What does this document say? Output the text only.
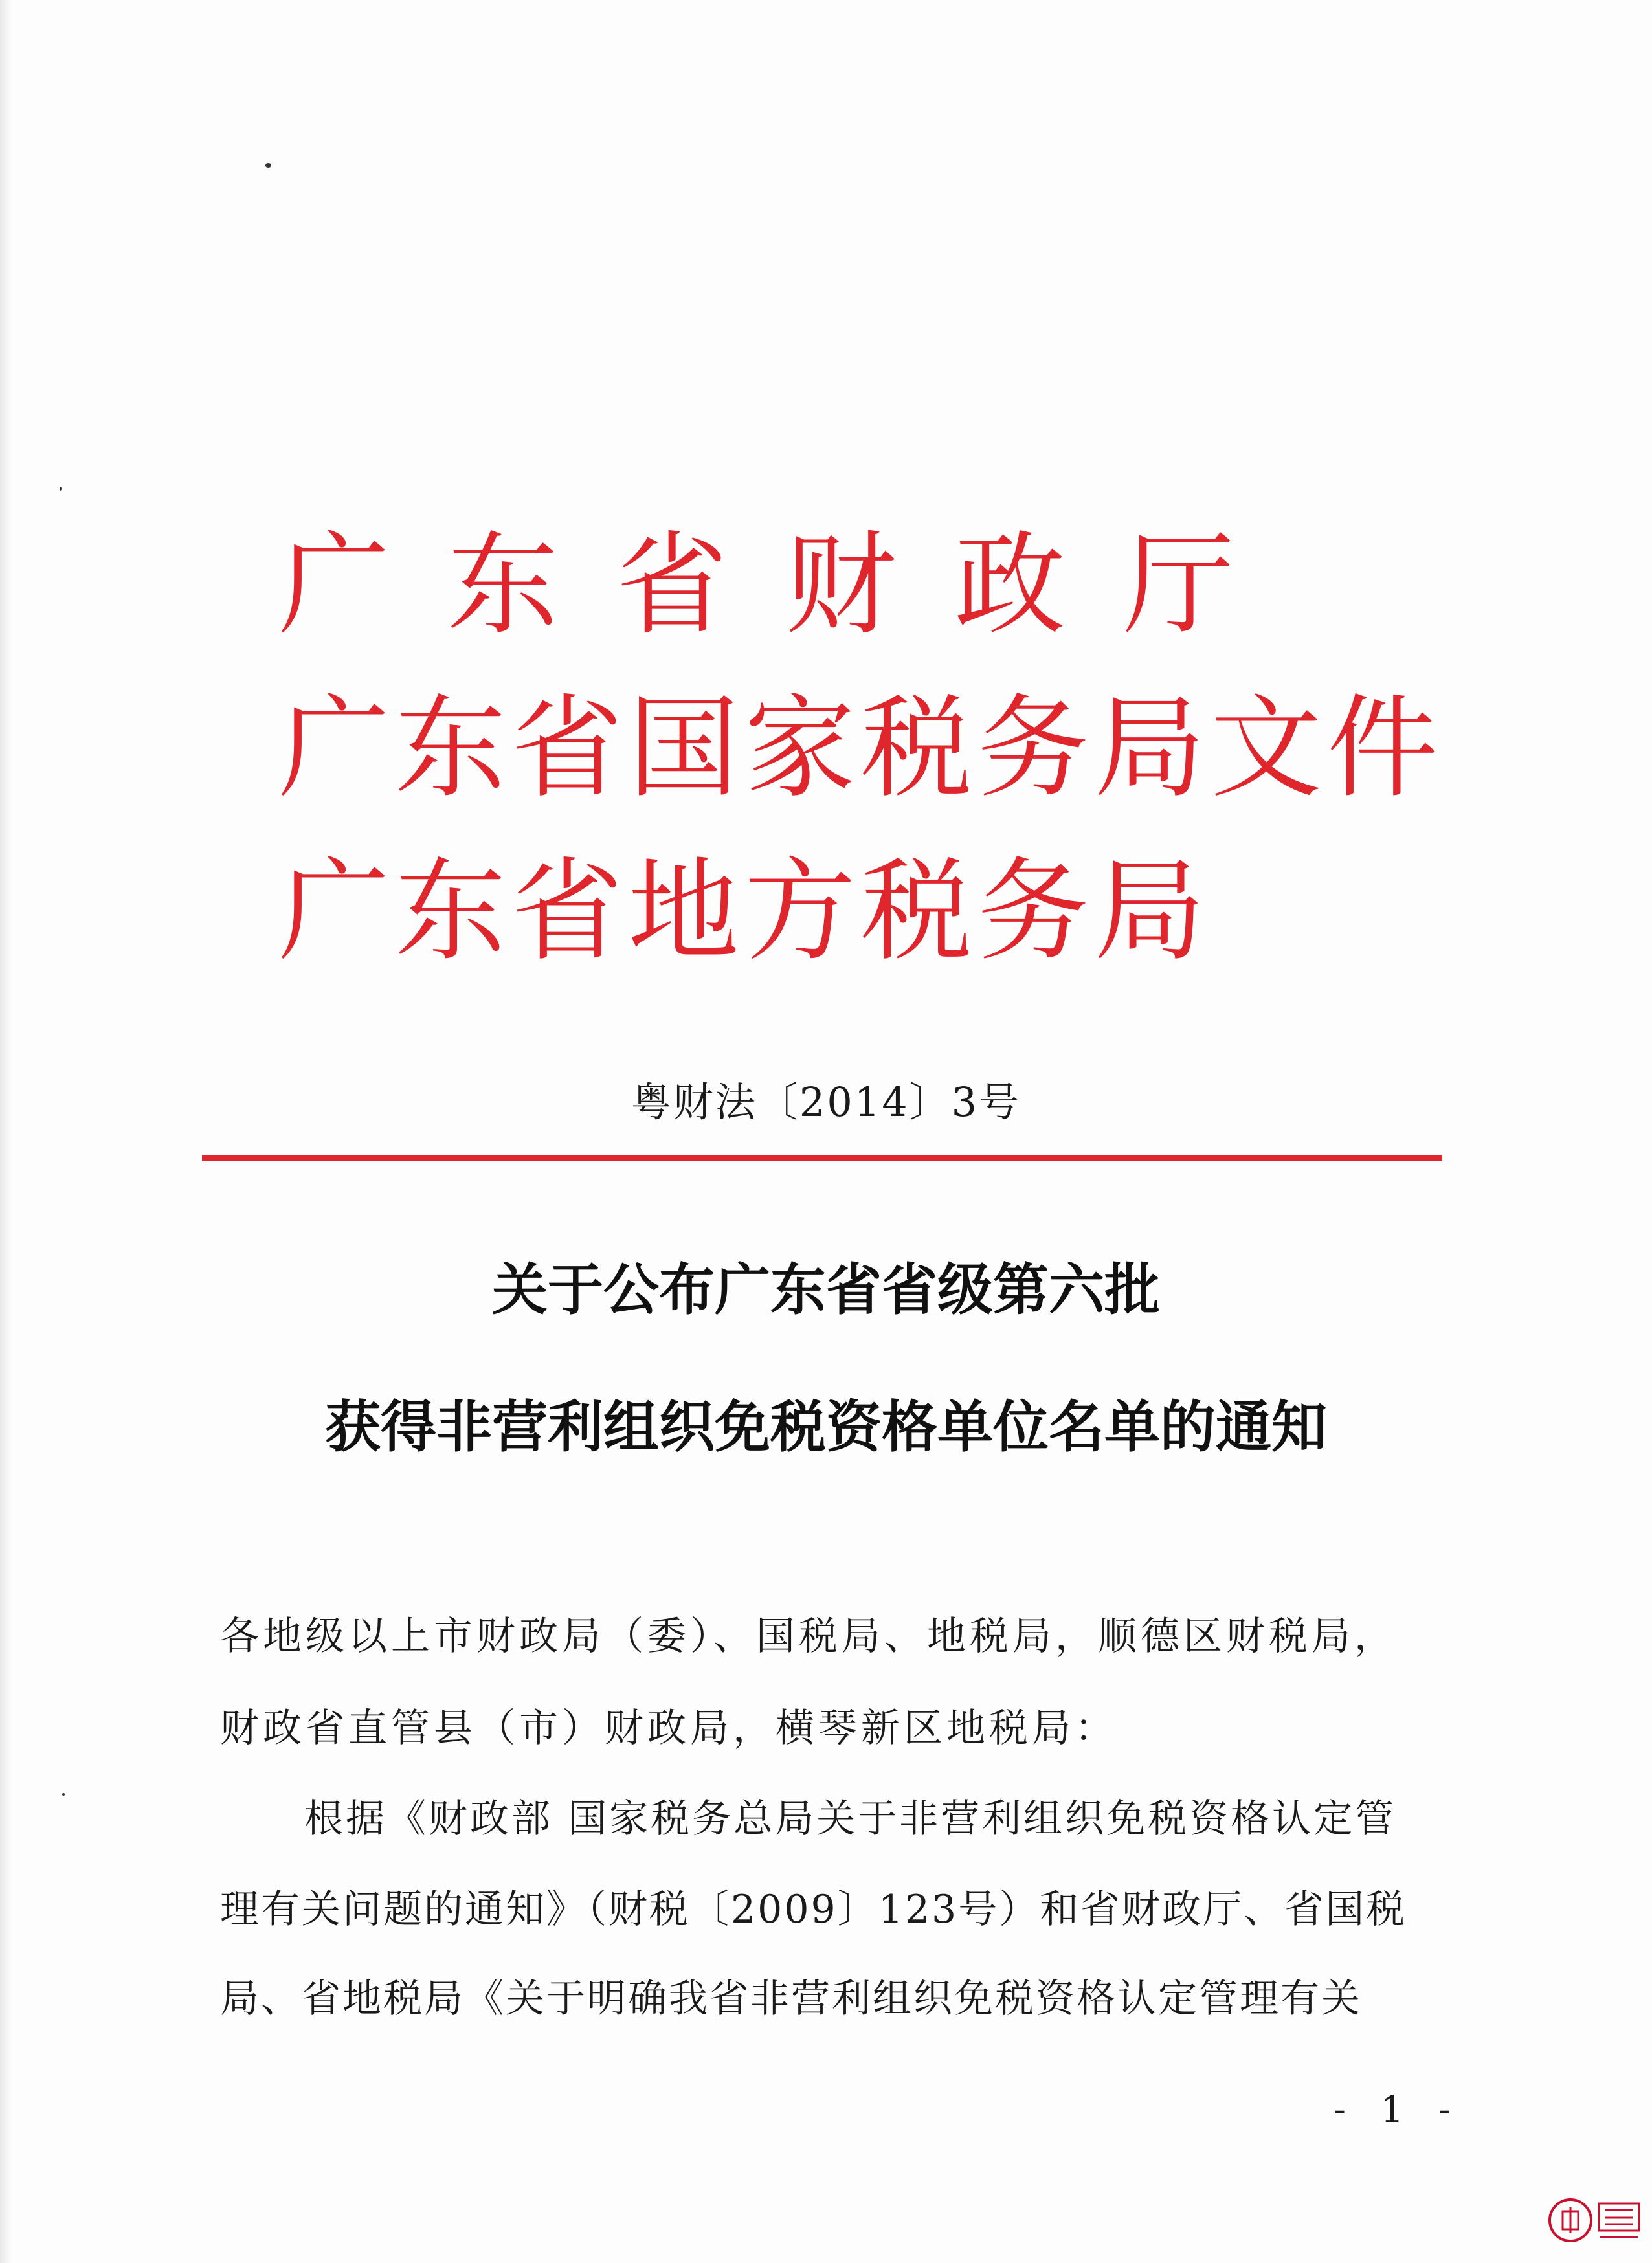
广东省财政厅
广东省国家税务局文件
广东省地方税务局
粤财法〔2014〕3号
关于公布广东省省级第六批
获得非营利组织免税资格单位名单的通知
各地级以上市财政局（委）、国税局、地税局，顺德区财税局，
财政省直管县（市）财政局，横琴新区地税局：
根据《财政部 国家税务总局关于非营利组织免税资格认定管
理有关问题的通知》（财税〔2009〕123号）和省财政厅、省国税
局、省地税局《关于明确我省非营利组织免税资格认定管理有关
- 1 -
